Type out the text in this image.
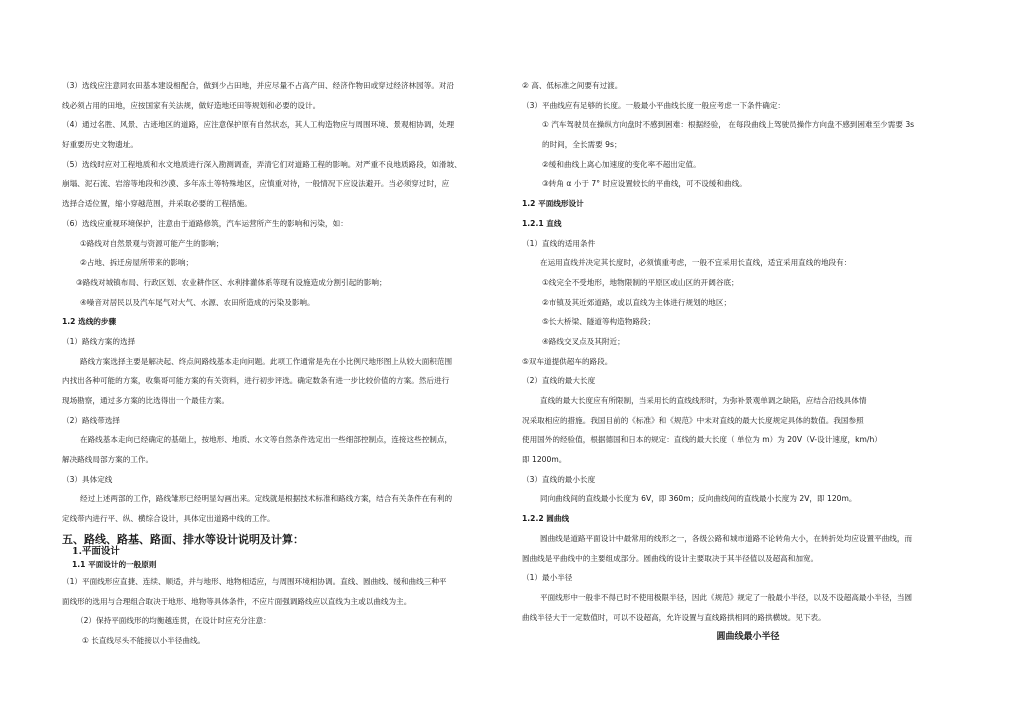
（3）选线应注意同农田基本建设相配合，做到少占田地，并应尽量不占高产田、经济作物田或穿过经济林园等。对沿
线必须占用的田地，应按国家有关法规，做好造地还田等规划和必要的设计。
（4）通过名胜、风景、古迹地区的道路，应注意保护原有自然状态，其人工构造物应与周围环境、景观相协调，处理
好重要历史文物遗址。
（5）选线时应对工程地质和水文地质进行深入勘测调查，弄清它们对道路工程的影响。对严重不良地质路段，如滑坡、
崩塌、泥石流、岩溶等地段和沙漠、多年冻土等特殊地区，应慎重对待，一般情况下应设法避开。当必须穿过时，应
选择合适位置，缩小穿越范围，并采取必要的工程措施。
（6）选线应重视环境保护，注意由于道路修筑，汽车运营所产生的影响和污染，如：
①路线对自然景观与资源可能产生的影响；
②占地、拆迁房屋所带来的影响；
③路线对城镇布局、行政区划、农业耕作区、水利排灌体系等现有设施造成分割引起的影响；
④噪音对居民以及汽车尾气对大气、水源、农田所造成的污染及影响。
1.2 选线的步骤
（1）路线方案的选择
路线方案选择主要是解决起、终点间路线基本走向问题。此项工作通常是先在小比例尺地形图上从较大面积范围
内找出各种可能的方案，收集哥可能方案的有关资料，进行初步评选。确定数条有进一步比较价值的方案。然后进行
现场勘察，通过多方案的比选得出一个最佳方案。
（2）路线带选择
在路线基本走向已经确定的基础上，按地形、地质、水文等自然条件选定出一些细部控制点，连接这些控制点，
解决路线局部方案的工作。
（3）具体定线
经过上述两部的工作，路线雏形已经明显勾画出来。定线就是根据技术标准和路线方案，结合有关条件在有利的
定线带内进行平、纵、横综合设计，具体定出道路中线的工作。
五、路线、路基、路面、排水等设计说明及计算：
1.平面设计
1.1 平面设计的一般原则
（1）平面线形应直捷、连续、顺适，并与地形、地物相适应，与周围环境相协调。直线、圆曲线、缓和曲线三种平
面线形的选用与合理组合取决于地形、地物等具体条件，不应片面强调路线应以直线为主或以曲线为主。
（2）保持平面线形的均衡越连贯，在设计时应充分注意：
① 长直线尽头不能接以小半径曲线。
② 高、低标准之间要有过渡。
（3）平曲线应有足够的长度。一般最小平曲线长度一般应考虑一下条件确定：
① 汽车驾驶员在操纵方向盘时不感到困难：根据经验， 在每段曲线上驾驶员操作方向盘不感到困难至少需要 3s
的时间，全长需要 9s；
②缓和曲线上离心加速度的变化率不超出定值。
③转角 α 小于 7° 时应设置较长的平曲线，可不设缓和曲线。
1.2 平面线形设计
1.2.1 直线
（1）直线的适用条件
在运用直线并决定其长度时，必须慎重考虑，一般不宜采用长直线，适宜采用直线的地段有：
①线完全不受地形，地物限制的平原区或山区的开阔谷底；
②市镇及其近郊道路，或以直线为主体进行规划的地区；
⑤长大桥梁、隧道等构造物路段；
④路线交叉点及其附近；
⑤双车道提供超车的路段。
（2）直线的最大长度
直线的最大长度应有所限制，当采用长的直线线形时，为弥补景观单调之缺陷，应结合沿线具体情
况采取相应的措施。我国目前的《标准》和《规范》中未对直线的最大长度规定具体的数值。我国参照
使用国外的经验值，根据德国和日本的规定：直线的最大长度（ 单位为 m）为 20V（V-设计速度，km/h）
即 1200m。
（3）直线的最小长度
同向曲线间的直线最小长度为 6V，即 360m；反向曲线间的直线最小长度为 2V，即 120m。
1.2.2 圆曲线
圆曲线是道路平面设计中最常用的线形之一，各级公路和城市道路不论转角大小，在转折处均应设置平曲线，而
圆曲线是平曲线中的主要组成部分。圆曲线的设计主要取决于其半径值以及超高和加宽。
（1）最小半径
平面线形中一般非不得已时不使用极限半径，因此《规范》规定了一般最小半径，以及不设超高最小半径，当圆
曲线半径大于一定数值时，可以不设超高，允许设置与直线路拱相同的路拱横坡。见下表。
圆曲线最小半径
